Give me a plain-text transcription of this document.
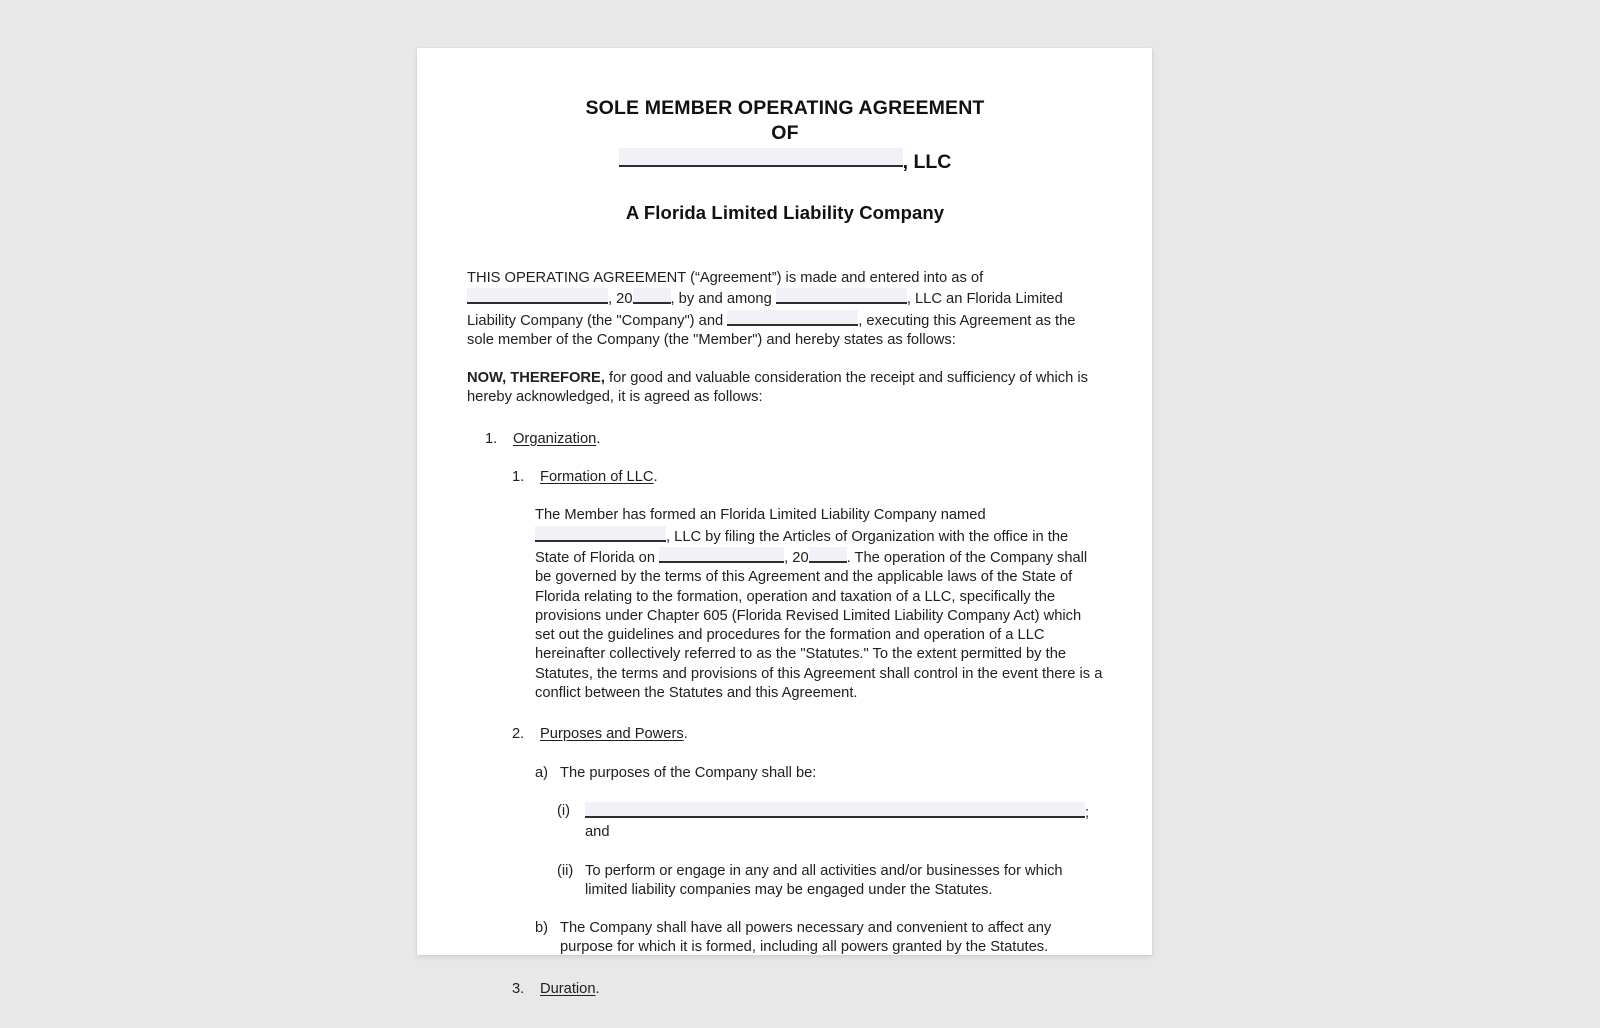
SOLE MEMBER OPERATING AGREEMENT
OF
, LLC
A Florida Limited Liability Company
THIS OPERATING AGREEMENT (“Agreement”) is made and entered into as of , 20	, by and among	, LLC an Florida Limited Liability Company (the "Company") and	, executing this Agreement as the sole member of the Company (the "Member") and hereby states as follows:
NOW, THEREFORE, for good and valuable consideration the receipt and sufficiency of which is hereby acknowledged, it is agreed as follows:
1. Organization.
1. Formation of LLC.
The Member has formed an Florida Limited Liability Company named , LLC by filing the Articles of Organization with the office in the State of Florida on	, 20	. The operation of the Company shall be governed by the terms of this Agreement and the applicable laws of the State of Florida relating to the formation, operation and taxation of a LLC, specifically the provisions under Chapter 605 (Florida Revised Limited Liability Company Act) which set out the guidelines and procedures for the formation and operation of a LLC hereinafter collectively referred to as the "Statutes." To the extent permitted by the Statutes, the terms and provisions of this Agreement shall control in the event there is a conflict between the Statutes and this Agreement.
2. Purposes and Powers.
a) The purposes of the Company shall be:
(i)	; and
(ii) To perform or engage in any and all activities and/or businesses for which limited liability companies may be engaged under the Statutes.
b) The Company shall have all powers necessary and convenient to affect any purpose for which it is formed, including all powers granted by the Statutes.
3. Duration.
